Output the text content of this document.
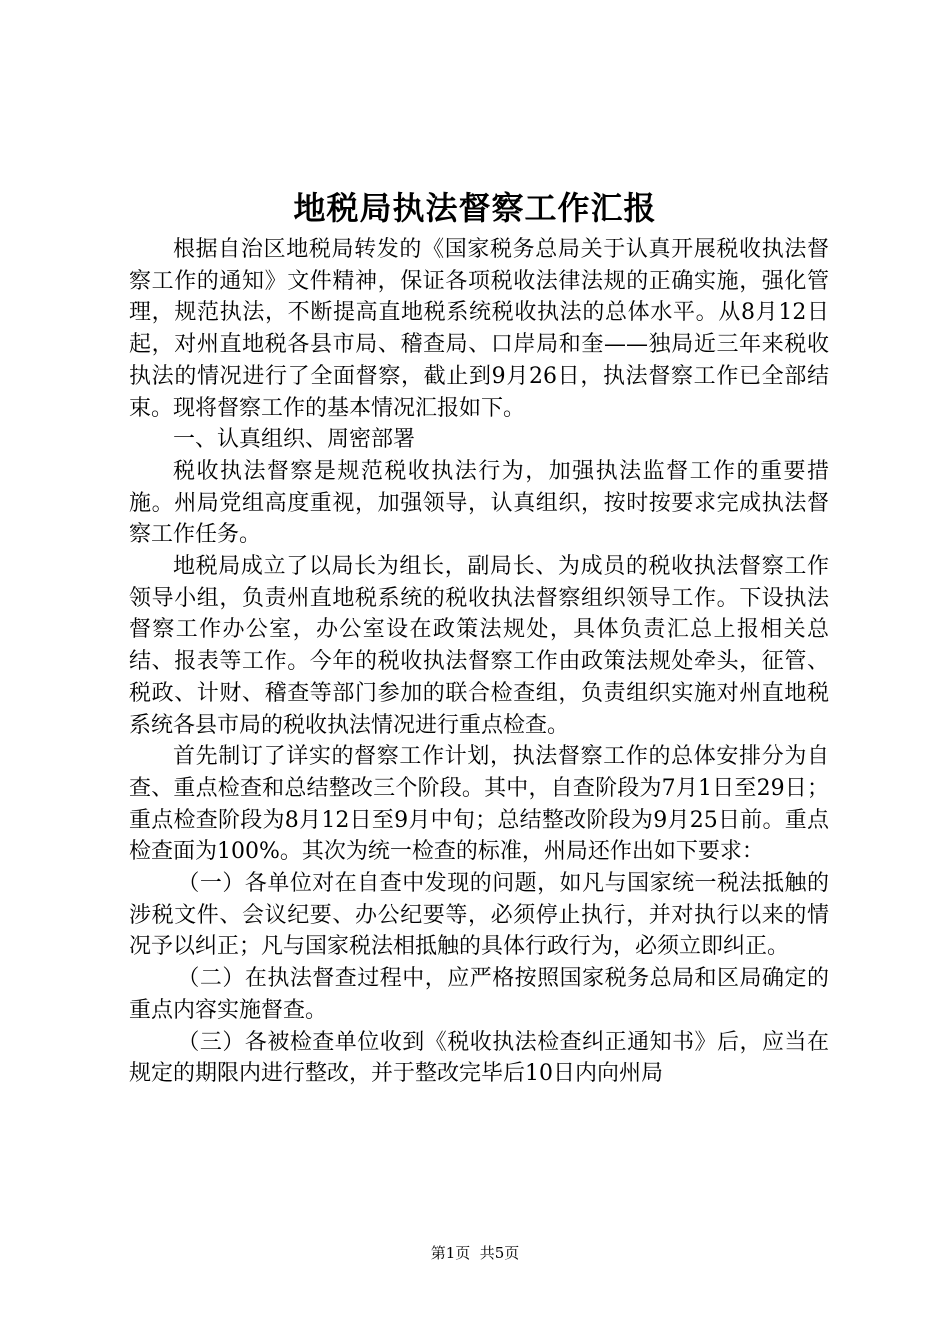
地税局执法督察工作汇报

根据自治区地税局转发的《国家税务总局关于认真开展税收执法督察工作的通知》文件精神，保证各项税收法律法规的正确实施，强化管理，规范执法，不断提高直地税系统税收执法的总体水平。从8月12日起，对州直地税各县市局、稽查局、口岸局和奎——独局近三年来税收执法的情况进行了全面督察，截止到9月26日，执法督察工作已全部结束。现将督察工作的基本情况汇报如下。

一、认真组织、周密部署

税收执法督察是规范税收执法行为，加强执法监督工作的重要措施。州局党组高度重视，加强领导，认真组织，按时按要求完成执法督察工作任务。

地税局成立了以局长为组长，副局长、为成员的税收执法督察工作领导小组，负责州直地税系统的税收执法督察组织领导工作。下设执法督察工作办公室，办公室设在政策法规处，具体负责汇总上报相关总结、报表等工作。今年的税收执法督察工作由政策法规处牵头，征管、税政、计财、稽查等部门参加的联合检查组，负责组织实施对州直地税系统各县市局的税收执法情况进行重点检查。

首先制订了详实的督察工作计划，执法督察工作的总体安排分为自查、重点检查和总结整改三个阶段。其中，自查阶段为7月1日至29日；重点检查阶段为8月12日至9月中旬；总结整改阶段为9月25日前。重点检查面为100%。其次为统一检查的标准，州局还作出如下要求：

（一）各单位对在自查中发现的问题，如凡与国家统一税法抵触的涉税文件、会议纪要、办公纪要等，必须停止执行，并对执行以来的情况予以纠正；凡与国家税法相抵触的具体行政行为，必须立即纠正。

（二）在执法督查过程中，应严格按照国家税务总局和区局确定的重点内容实施督查。

（三）各被检查单位收到《税收执法检查纠正通知书》后，应当在规定的期限内进行整改，并于整改完毕后10日内向州局

第1页  共5页
